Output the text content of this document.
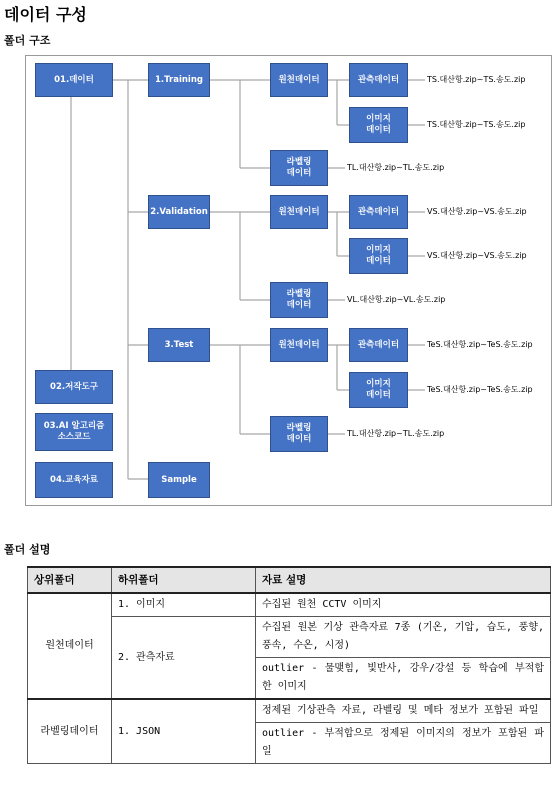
데이터 구성
폴더 구조
01.데이터
02.저작도구
03.AI 알고리즘
소스코드
04.교육자료
1.Training
2.Validation
3.Test
Sample
원천데이터
라벨링
데이터
관측데이터
이미지
데이터
TS.대산항.zip~TS.송도.zip
TS.대산항.zip~TS.송도.zip
TL.대산항.zip~TL.송도.zip
원천데이터
라벨링
데이터
관측데이터
이미지
데이터
VS.대산항.zip~VS.송도.zip
VS.대산항.zip~VS.송도.zip
VL.대산항.zip~VL.송도.zip
원천데이터
라벨링
데이터
관측데이터
이미지
데이터
TeS.대산항.zip~TeS.송도.zip
TeS.대산항.zip~TeS.송도.zip
TL.대산항.zip~TL.송도.zip
폴더 설명
상위폴더	하위폴더	자료 설명
원천데이터	1. 이미지	수집된 원천 CCTV 이미지
	2. 관측자료	수집된 원본 기상 관측자료 7종 (기온, 기압, 습도, 풍향, 풍속, 수온, 시정)
		outlier - 물맺힘, 빛반사, 강우/강설 등 학습에 부적합한 이미지
라벨링데이터	1. JSON	정제된 기상관측 자료, 라벨링 및 메타 정보가 포함된 파일
		outlier - 부적합으로 정제된 이미지의 정보가 포함된 파일
